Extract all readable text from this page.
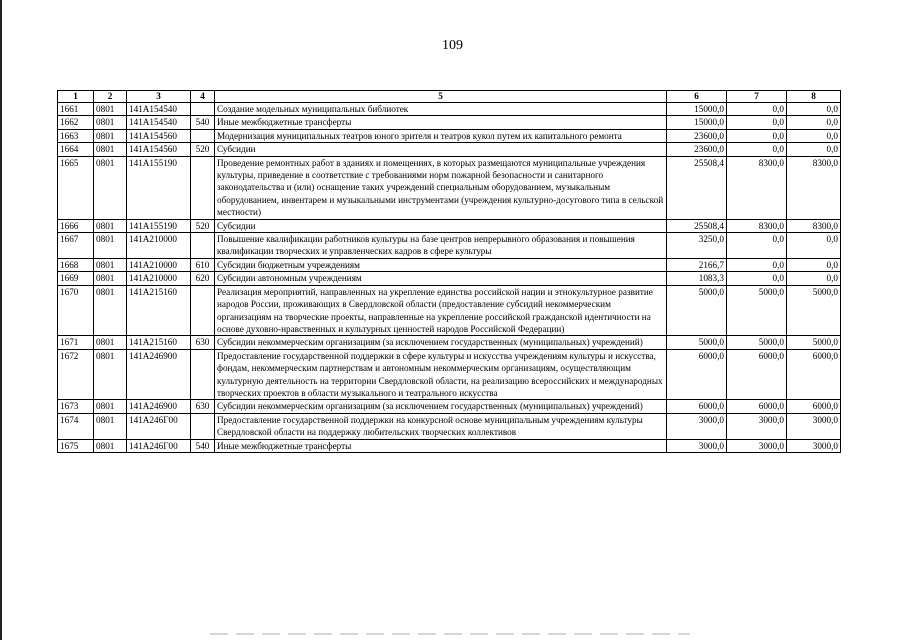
109
1	2	3	4	5	6	7	8
1661	0801	141A154540		Создание модельных муниципальных библиотек	15000,0	0,0	0,0
1662	0801	141A154540	540	Иные межбюджетные трансферты	15000,0	0,0	0,0
1663	0801	141A154560		Модернизация муниципальных театров юного зрителя и театров кукол путем их капитального ремонта	23600,0	0,0	0,0
1664	0801	141A154560	520	Субсидии	23600,0	0,0	0,0
1665	0801	141A155190		Проведение ремонтных работ в зданиях и помещениях, в которых размещаются муниципальные учреждения культуры, приведение в соответствие с требованиями норм пожарной безопасности и санитарного законодательства и (или) оснащение таких учреждений специальным оборудованием, музыкальным оборудованием, инвентарем и музыкальными инструментами (учреждения культурно-досугового типа в сельской местности)	25508,4	8300,0	8300,0
1666	0801	141A155190	520	Субсидии	25508,4	8300,0	8300,0
1667	0801	141A210000		Повышение квалификации работников культуры на базе центров непрерывного образования и повышения квалификации творческих и управленческих кадров в сфере культуры	3250,0	0,0	0,0
1668	0801	141A210000	610	Субсидии бюджетным учреждениям	2166,7	0,0	0,0
1669	0801	141A210000	620	Субсидии автономным учреждениям	1083,3	0,0	0,0
1670	0801	141A215160		Реализация мероприятий, направленных на укрепление единства российской нации и этнокультурное развитие народов России, проживающих в Свердловской области (предоставление субсидий некоммерческим организациям на творческие проекты, направленные на укрепление российской гражданской идентичности на основе духовно-нравственных и культурных ценностей народов Российской Федерации)	5000,0	5000,0	5000,0
1671	0801	141A215160	630	Субсидии некоммерческим организациям (за исключением государственных (муниципальных) учреждений)	5000,0	5000,0	5000,0
1672	0801	141A246900		Предоставление государственной поддержки в сфере культуры и искусства учреждениям культуры и искусства, фондам, некоммерческим партнерствам и автономным некоммерческим организациям, осуществляющим культурную деятельность на территории Свердловской области, на реализацию всероссийских и международных творческих проектов в области музыкального и театрального искусства	6000,0	6000,0	6000,0
1673	0801	141A246900	630	Субсидии некоммерческим организациям (за исключением государственных (муниципальных) учреждений)	6000,0	6000,0	6000,0
1674	0801	141A246Г00		Предоставление государственной поддержки на конкурсной основе муниципальным учреждениям культуры Свердловской области на поддержку любительских творческих коллективов	3000,0	3000,0	3000,0
1675	0801	141A246Г00	540	Иные межбюджетные трансферты	3000,0	3000,0	3000,0
